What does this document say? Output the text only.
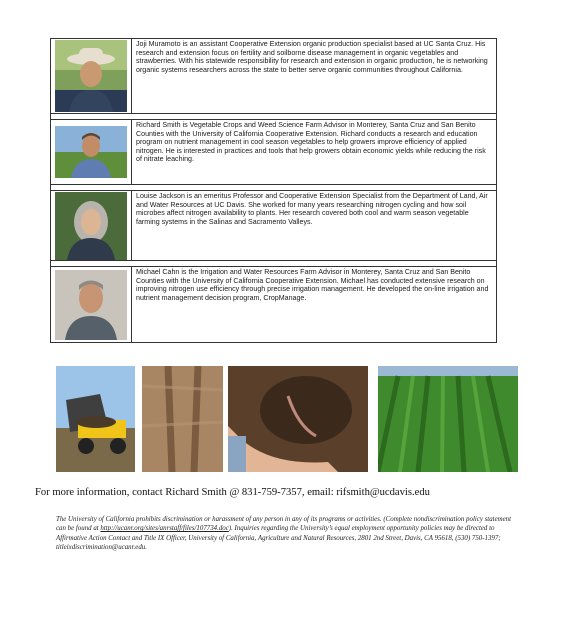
Joji Muramoto is an assistant Cooperative Extension organic production specialist based at UC Santa Cruz. His research and extension focus on fertility and soilborne disease management in organic vegetables and strawberries. With his statewide responsibility for research and extension in organic production, he is networking organic systems researchers across the state to better serve organic communities throughout California.
Richard Smith is Vegetable Crops and Weed Science Farm Advisor in Monterey, Santa Cruz and San Benito Counties with the University of California Cooperative Extension. Richard conducts a research and education program on nutrient management in cool season vegetables to help growers improve efficiency of applied nitrogen. He is interested in practices and tools that help growers obtain economic yields while reducing the risk of nitrate leaching.
Louise Jackson is an emeritus Professor and Cooperative Extension Specialist from the Department of Land, Air and Water Resources at UC Davis. She worked for many years researching nitrogen cycling and how soil microbes affect nitrogen availability to plants. Her research covered both cool and warm season vegetable farming systems in the Salinas and Sacramento Valleys.
Michael Cahn is the Irrigation and Water Resources Farm Advisor in Monterey, Santa Cruz and San Benito Counties with the University of California Cooperative Extension. Michael has conducted extensive research on improving nitrogen use efficiency through precise irrigation management. He developed the on-line irrigation and nutrient management decision program, CropManage.
For more information, contact Richard Smith @ 831-759-7357, email: rifsmith@ucdavis.edu
The University of California prohibits discrimination or harassment of any person in any of its programs or activities. (Complete nondiscrimination policy statement can be found at http://ucanr.org/sites/anrstaff/files/107734.doc). Inquiries regarding the University’s equal employment opportunity policies may be directed to Affirmative Action Contact and Title IX Officer, University of California, Agriculture and Natural Resources, 2801 2nd Street, Davis, CA 95618, (530) 750-1397; titleixdiscrimination@ucanr.edu.
